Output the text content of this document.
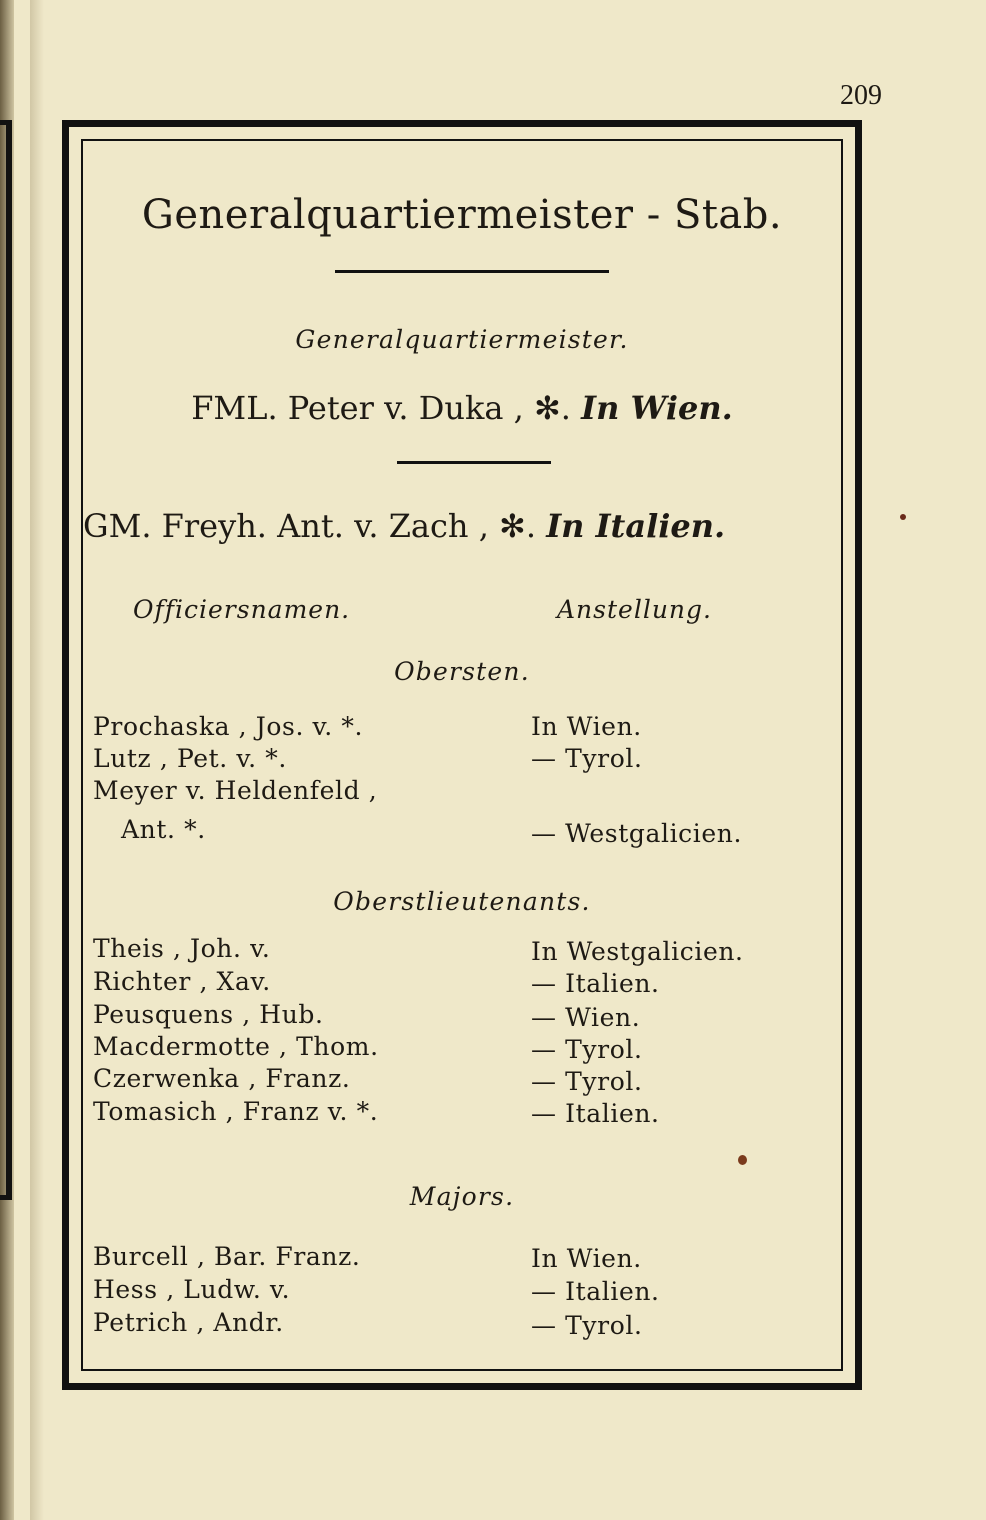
209
Generalquartiermeister - Stab.
Generalquartiermeister.
FML. Peter v. Duka , ✻. In Wien.
GM. Freyh. Ant. v. Zach , ✻. In Italien.
Officiersnamen.	Anstellung.
Obersten.
Prochaska , Jos. v. *.	In Wien.
Lutz , Pet. v. *.	— Tyrol.
Meyer v. Heldenfeld ,
Ant. *.	— Westgalicien.
Oberstlieutenants.
Theis , Joh. v.	In Westgalicien.
Richter , Xav.	— Italien.
Peusquens , Hub.	— Wien.
Macdermotte , Thom.	— Tyrol.
Czerwenka , Franz.	— Tyrol.
Tomasich , Franz v. *.	— Italien.
Majors.
Burcell , Bar. Franz.	In Wien.
Hess , Ludw. v.	— Italien.
Petrich , Andr.	— Tyrol.
